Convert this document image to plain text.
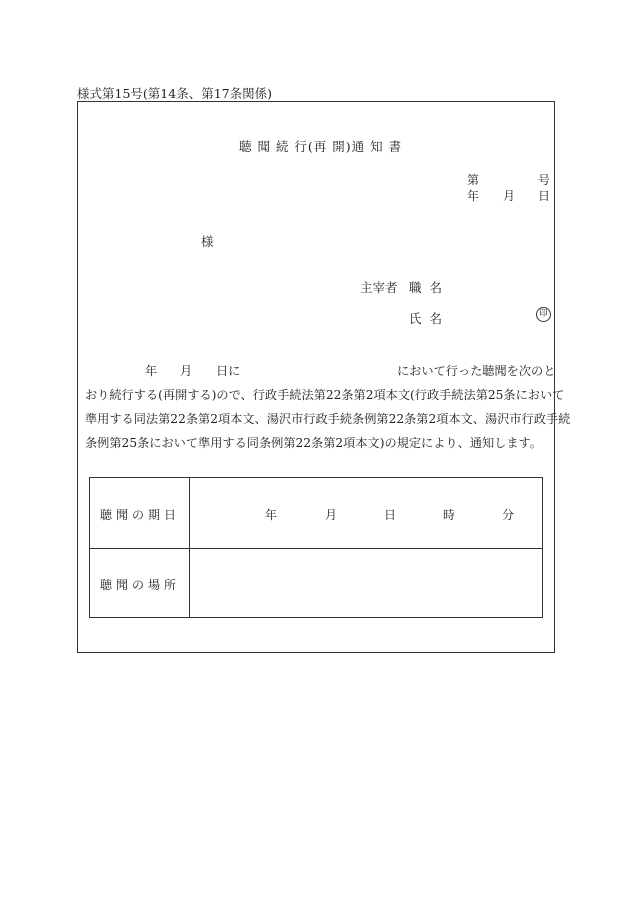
様式第15号(第14条、第17条関係)
聴 聞 続 行(再 開)通 知 書
第	号
年 月 日
様
主宰者 職名
氏名	印
年 月 日に	において行った聴聞を次のと
おり続行する(再開する)ので、行政手続法第22条第2項本文(行政手続法第25条において
準用する同法第22条第2項本文、湯沢市行政手続条例第22条第2項本文、湯沢市行政手続
条例第25条において準用する同条例第22条第2項本文)の規定により、通知します。
聴聞の期日	年	月	日	時	分
聴聞の場所
